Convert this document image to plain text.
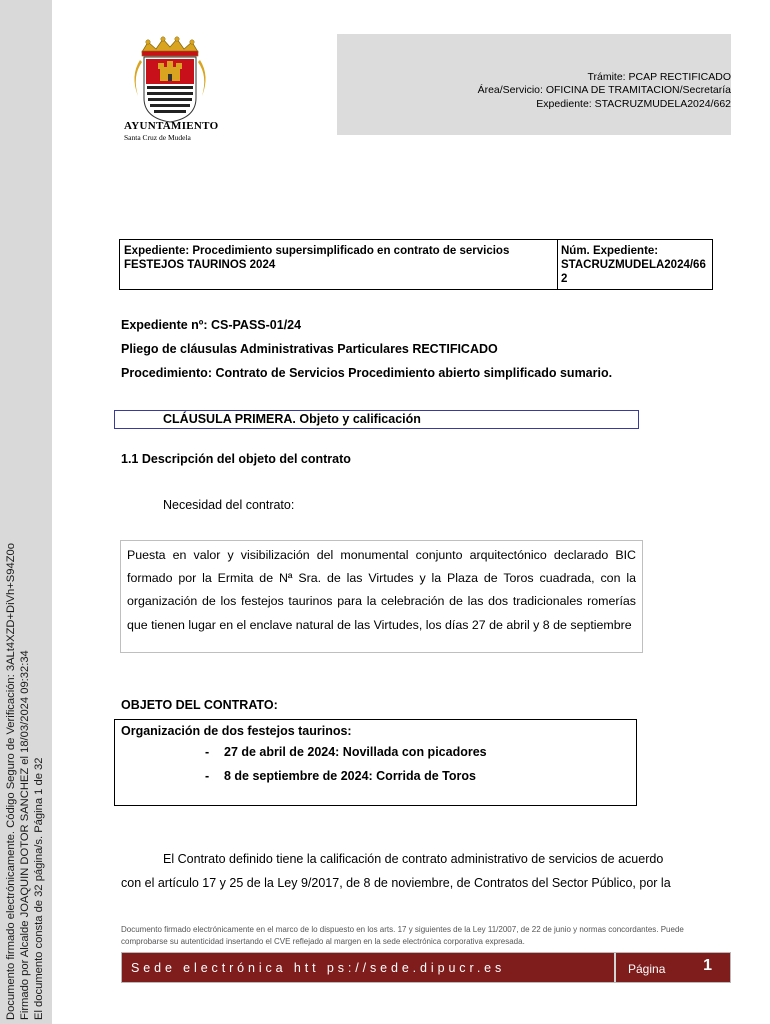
Documento firmado electrónicamente. Código Seguro de Verificación: 3ALt4XZD+DiVh+S94Z0o Firmado por Alcalde JOAQUIN DOTOR SANCHEZ el 18/03/2024 09:32:34 El documento consta de 32 página/s. Página 1 de 32
AYUNTAMIENTO
Santa Cruz de Mudela
Trámite: PCAP RECTIFICADO
Área/Servicio: OFICINA DE TRAMITACION/Secretaría
Expediente: STACRUZMUDELA2024/662
Expediente: Procedimiento supersimplificado en contrato de servicios
FESTEJOS TAURINOS 2024
Núm. Expediente:
STACRUZMUDELA2024/662
Expediente nº: CS-PASS-01/24
Pliego de cláusulas Administrativas Particulares RECTIFICADO
Procedimiento: Contrato de Servicios Procedimiento abierto simplificado sumario.
CLÁUSULA PRIMERA. Objeto y calificación
1.1 Descripción del objeto del contrato
Necesidad del contrato:
Puesta en valor y visibilización del monumental conjunto arquitectónico declarado BIC formado por la Ermita de Nª Sra. de las Virtudes y la Plaza de Toros cuadrada, con la organización de los festejos taurinos para la celebración de las dos tradicionales romerías que tienen lugar en el enclave natural de las Virtudes, los días 27 de abril y 8 de septiembre
OBJETO DEL CONTRATO:
Organización de dos festejos taurinos:
- 27 de abril de 2024: Novillada con picadores
- 8 de septiembre de 2024: Corrida de Toros
El Contrato definido tiene la calificación de contrato administrativo de servicios de acuerdo
con el artículo 17 y 25 de la Ley 9/2017, de 8 de noviembre, de Contratos del Sector Público, por la
Documento firmado electrónicamente en el marco de lo dispuesto en los arts. 17 y siguientes de la Ley 11/2007, de 22 de junio y normas concordantes. Puede comprobarse su autenticidad insertando el CVE reflejado al margen en la sede electrónica corporativa expresada.
Sede electrónica htt ps://sede.dipucr.es	Página 1
